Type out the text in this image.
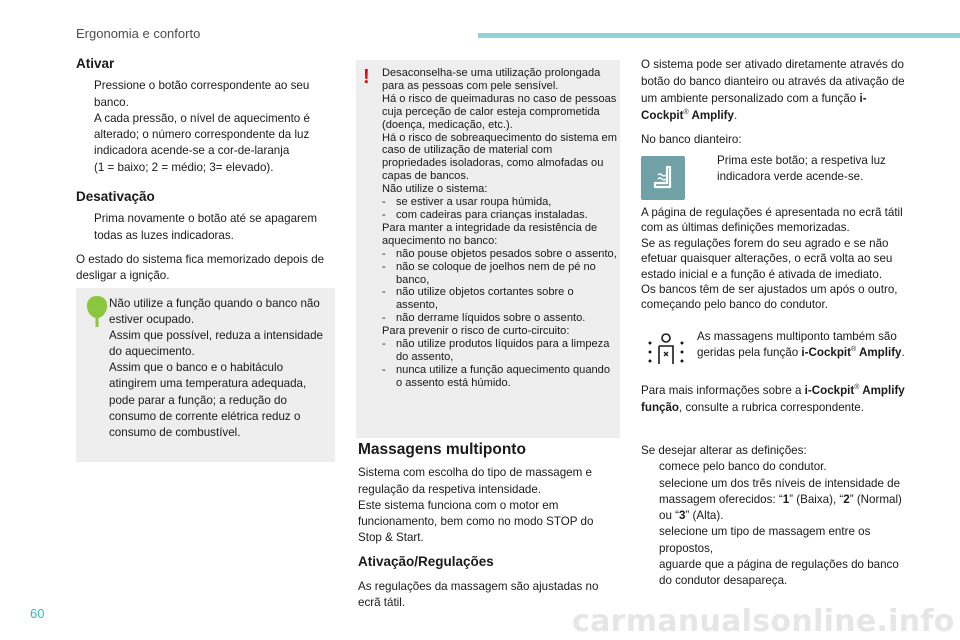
Ergonomia e conforto
Ativar
Pressione o botão correspondente ao seu banco.
A cada pressão, o nível de aquecimento é alterado; o número correspondente da luz indicadora acende-se a cor-de-laranja
(1 = baixo; 2 = médio; 3= elevado).
Desativação
Prima novamente o botão até se apagarem todas as luzes indicadoras.

O estado do sistema fica memorizado depois de desligar a ignição.

Não utilize a função quando o banco não estiver ocupado.
Assim que possível, reduza a intensidade do aquecimento.
Assim que o banco e o habitáculo atingirem uma temperatura adequada, pode parar a função; a redução do consumo de corrente elétrica reduz o consumo de combustível.
! Desaconselha-se uma utilização prolongada para as pessoas com pele sensível.
Há o risco de queimaduras no caso de pessoas cuja perceção de calor esteja comprometida (doença, medicação, etc.).
Há o risco de sobreaquecimento do sistema em caso de utilização de material com propriedades isoladoras, como almofadas ou capas de bancos.
Não utilize o sistema:

- se estiver a usar roupa húmida,
- com cadeiras para crianças instaladas.

Para manter a integridade da resistência de aquecimento no banco:

- não pouse objetos pesados sobre o assento,
- não se coloque de joelhos nem de pé no banco,
- não utilize objetos cortantes sobre o assento,
- não derrame líquidos sobre o assento.

Para prevenir o risco de curto-circuito:

- não utilize produtos líquidos para a limpeza do assento,
- nunca utilize a função aquecimento quando o assento está húmido.
Massagens multiponto

Sistema com escolha do tipo de massagem e regulação da respetiva intensidade.
Este sistema funciona com o motor em funcionamento, bem como no modo STOP do Stop & Start.

Ativação/Regulações

As regulações da massagem são ajustadas no ecrã tátil.

O sistema pode ser ativado diretamente através do botão do banco dianteiro ou através da ativação de um ambiente personalizado com a função i-Cockpit® Amplify.

No banco dianteiro:

Prima este botão; a respetiva luz indicadora verde acende-se.
A página de regulações é apresentada no ecrã tátil com as últimas definições memorizadas.
Se as regulações forem do seu agrado e se não efetuar quaisquer alterações, o ecrã volta ao seu estado inicial e a função é ativada de imediato.
Os bancos têm de ser ajustados um após o outro, começando pelo banco do condutor.
As massagens multiponto também são geridas pela função i-Cockpit® Amplify.
Para mais informações sobre a i-Cockpit® Amplify função, consulte a rubrica correspondente.

Se desejar alterar as definições:

comece pelo banco do condutor.
selecione um dos três níveis de intensidade de massagem oferecidos: “1” (Baixa), “2” (Normal) ou “3” (Alta).
selecione um tipo de massagem entre os propostos,
aguarde que a página de regulações do banco do condutor desapareça.
60	carmanualsonline.info
